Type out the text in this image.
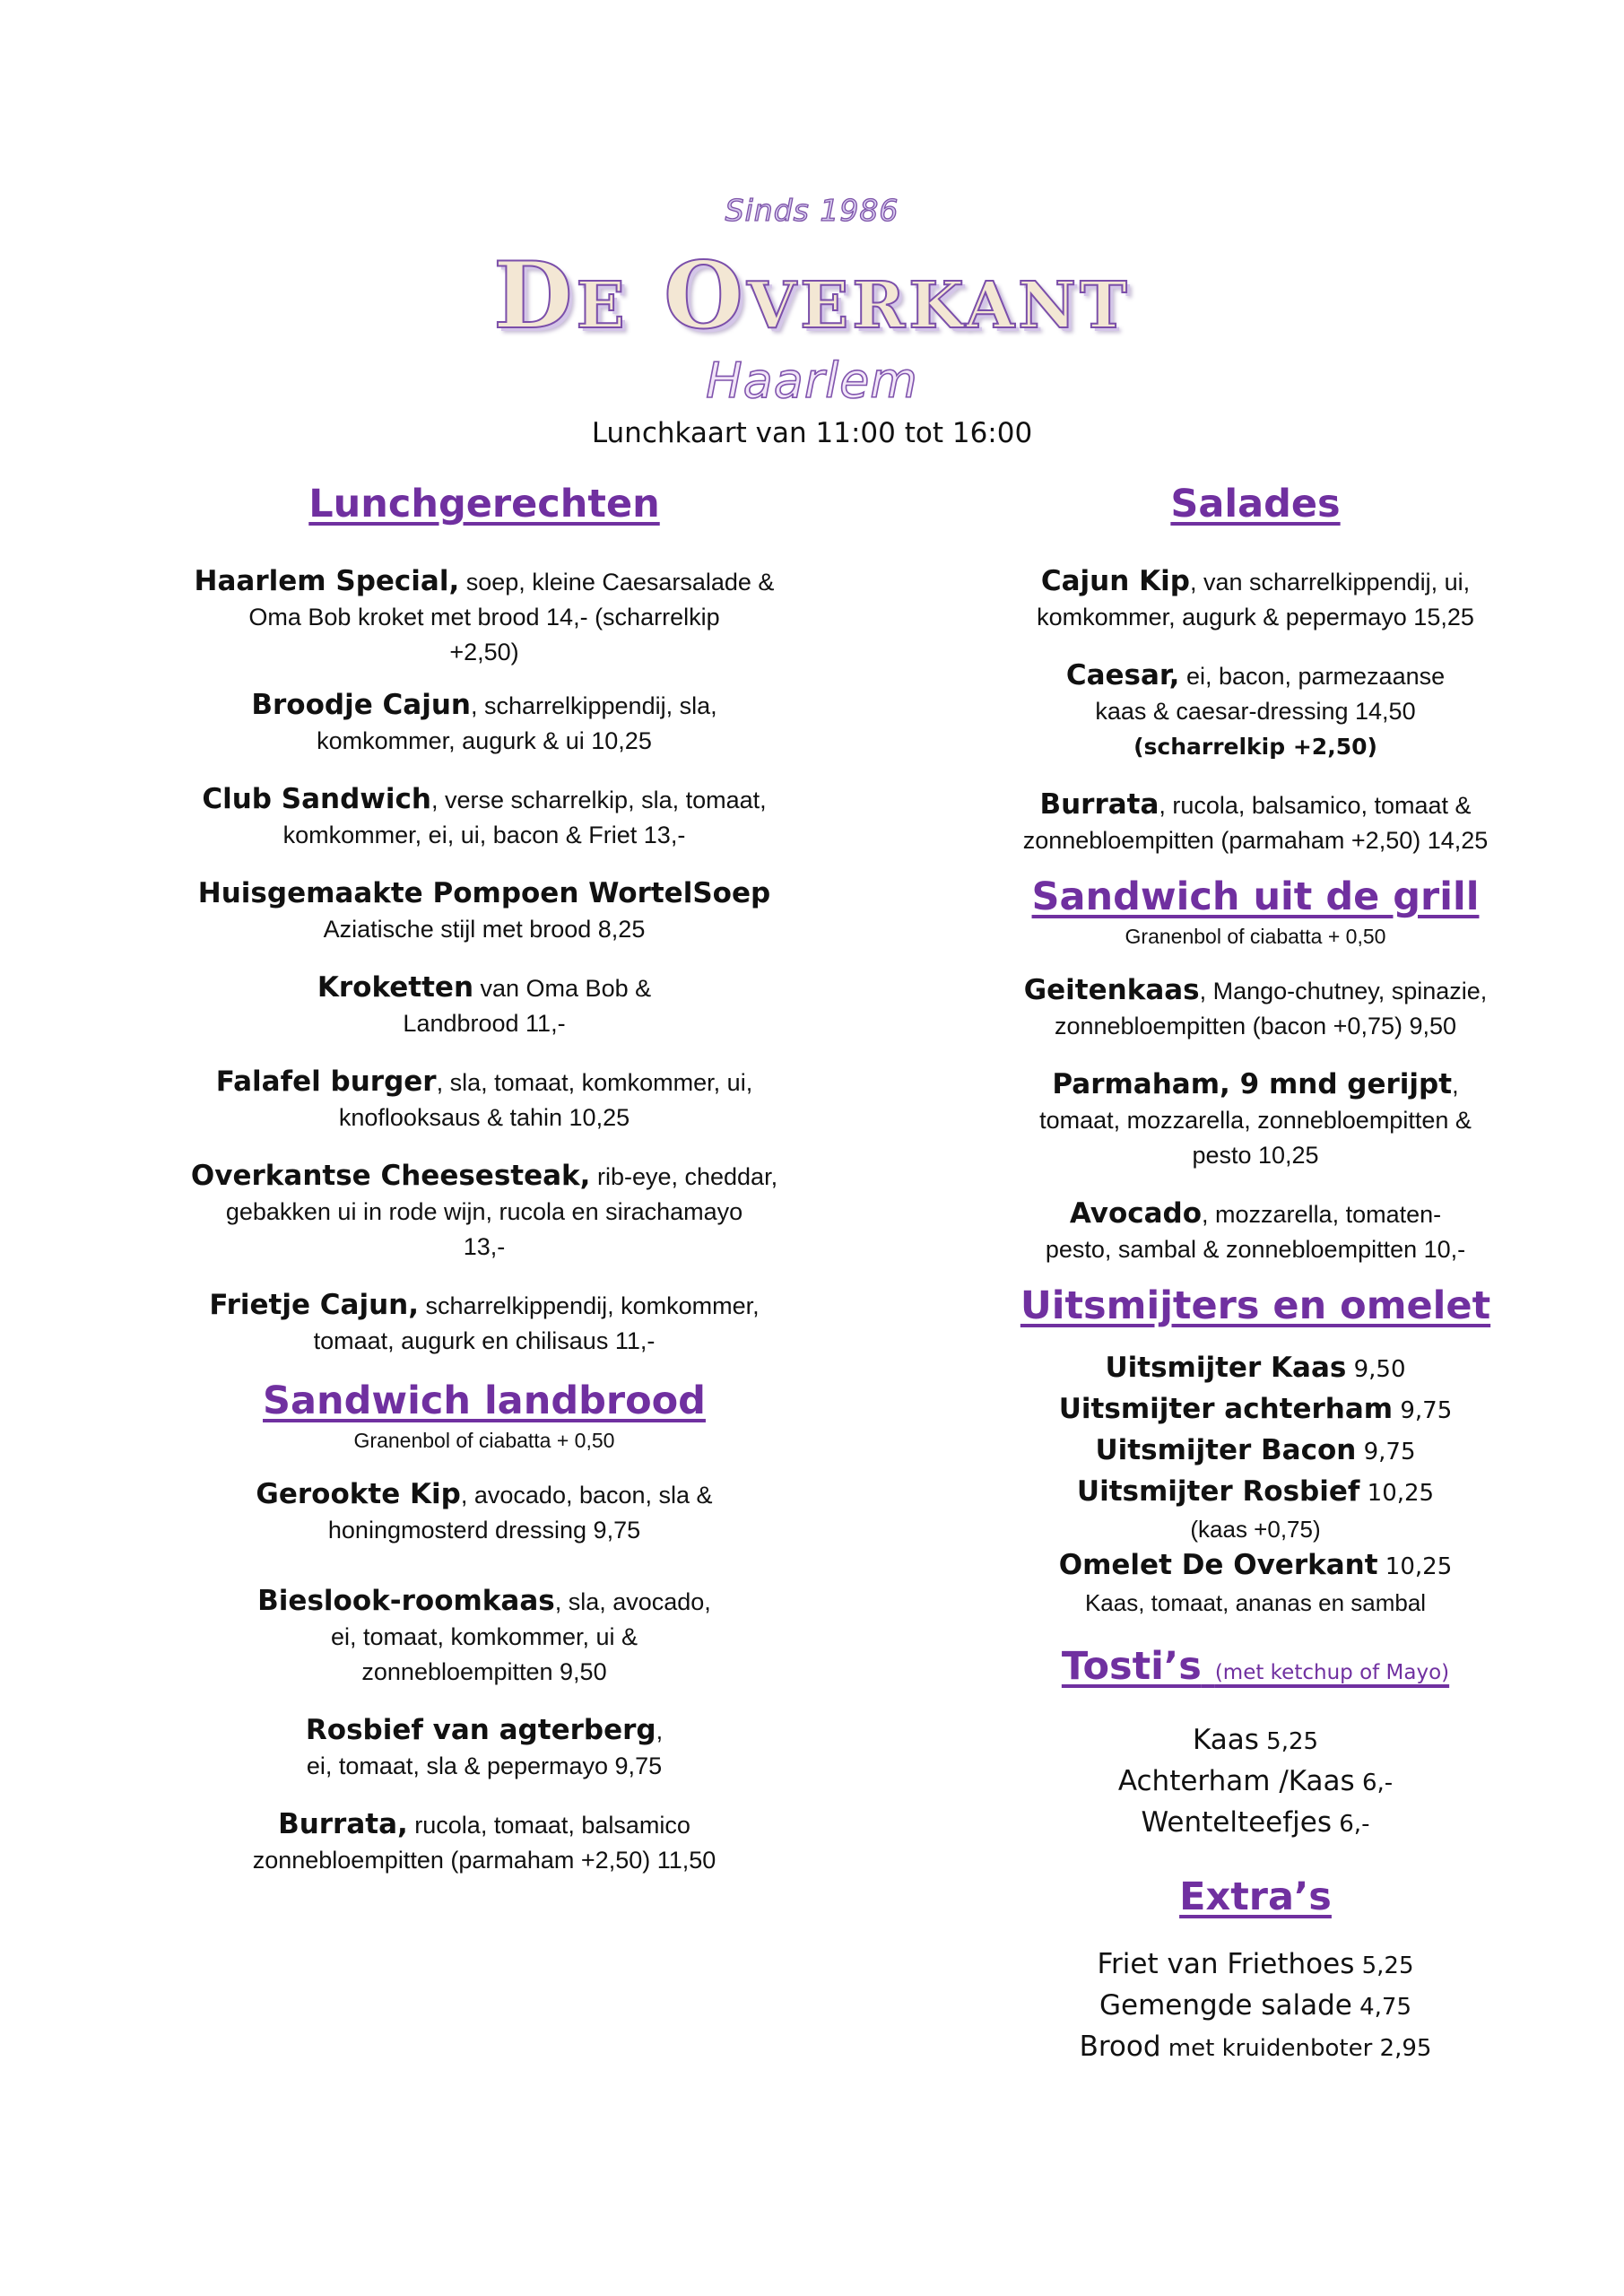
Sinds 1986
De Overkant
Haarlem
Lunchkaart van 11:00 tot 16:00
Lunchgerechten
Haarlem Special, soep, kleine Caesarsalade &
Oma Bob kroket met brood 14,- (scharrelkip
+2,50)
Broodje Cajun, scharrelkippendij, sla,
komkommer, augurk & ui 10,25
Club Sandwich, verse scharrelkip, sla, tomaat,
komkommer, ei, ui, bacon & Friet 13,-
Huisgemaakte Pompoen WortelSoep
Aziatische stijl met brood 8,25
Kroketten van Oma Bob &
Landbrood 11,-
Falafel burger, sla, tomaat, komkommer, ui,
knoflooksaus & tahin 10,25
Overkantse Cheesesteak, rib-eye, cheddar,
gebakken ui in rode wijn, rucola en sirachamayo
13,-
Frietje Cajun, scharrelkippendij, komkommer,
tomaat, augurk en chilisaus 11,-
Sandwich landbrood
Granenbol of ciabatta + 0,50
Gerookte Kip, avocado, bacon, sla &
honingmosterd dressing 9,75
Bieslook-roomkaas, sla, avocado,
ei, tomaat, komkommer, ui &
zonnebloempitten 9,50
Rosbief van agterberg,
ei, tomaat, sla & pepermayo 9,75
Burrata, rucola, tomaat, balsamico
zonnebloempitten (parmaham +2,50) 11,50
Salades
Cajun Kip, van scharrelkippendij, ui,
komkommer, augurk & pepermayo 15,25
Caesar, ei, bacon, parmezaanse
kaas & caesar-dressing 14,50
(scharrelkip +2,50)
Burrata, rucola, balsamico, tomaat &
zonnebloempitten (parmaham +2,50) 14,25
Sandwich uit de grill
Granenbol of ciabatta + 0,50
Geitenkaas, Mango-chutney, spinazie,
zonnebloempitten (bacon +0,75) 9,50
Parmaham, 9 mnd gerijpt,
tomaat, mozzarella, zonnebloempitten &
pesto 10,25
Avocado, mozzarella, tomaten-
pesto, sambal & zonnebloempitten 10,-
Uitsmijters en omelet
Uitsmijter Kaas 9,50
Uitsmijter achterham 9,75
Uitsmijter Bacon 9,75
Uitsmijter Rosbief 10,25
(kaas +0,75)
Omelet De Overkant 10,25
Kaas, tomaat, ananas en sambal
Tosti’s (met ketchup of Mayo)
Kaas 5,25
Achterham /Kaas 6,-
Wentelteefjes 6,-
Extra’s
Friet van Friethoes 5,25
Gemengde salade 4,75
Brood met kruidenboter 2,95
